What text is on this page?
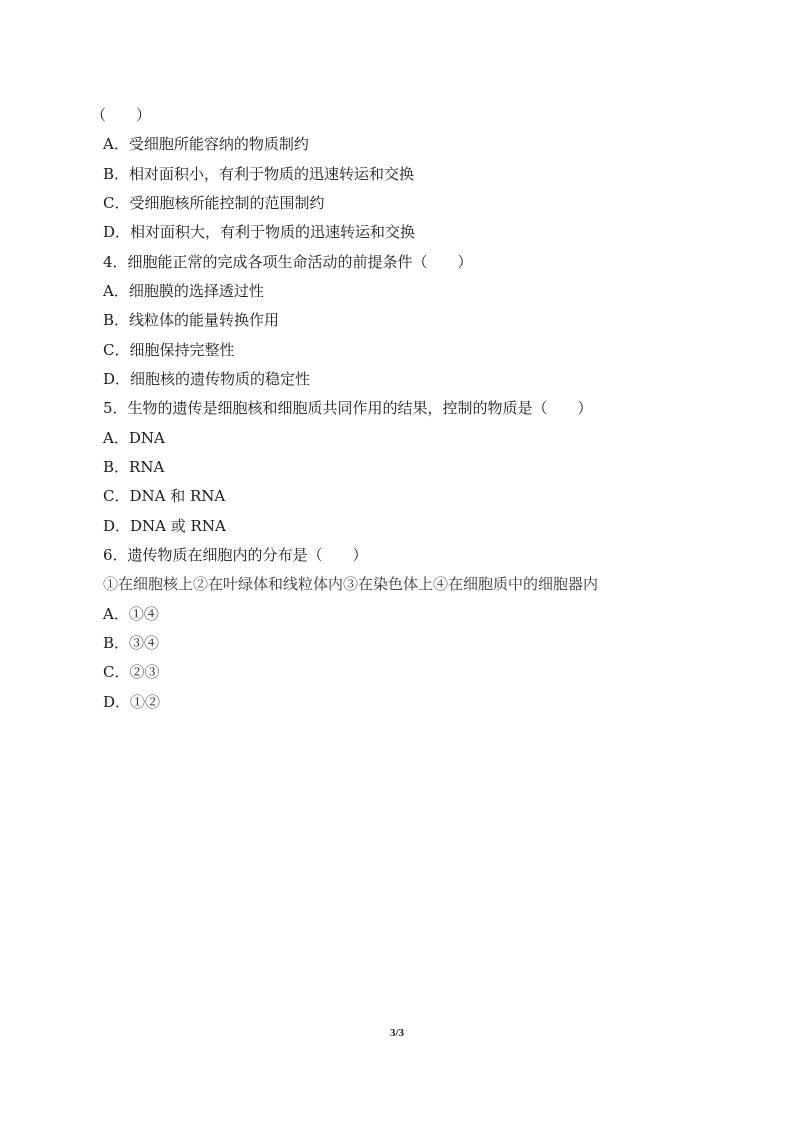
（　　）
A．受细胞所能容纳的物质制约
B．相对面积小，有利于物质的迅速转运和交换
C．受细胞核所能控制的范围制约
D．相对面积大，有利于物质的迅速转运和交换
4．细胞能正常的完成各项生命活动的前提条件（　　）
A．细胞膜的选择透过性
B．线粒体的能量转换作用
C．细胞保持完整性
D．细胞核的遗传物质的稳定性
5．生物的遗传是细胞核和细胞质共同作用的结果，控制的物质是（　　）
A．DNA
B．RNA
C．DNA 和 RNA
D．DNA 或 RNA
6．遗传物质在细胞内的分布是（　　）
①在细胞核上②在叶绿体和线粒体内③在染色体上④在细胞质中的细胞器内
A．①④
B．③④
C．②③
D．①②
3/3
